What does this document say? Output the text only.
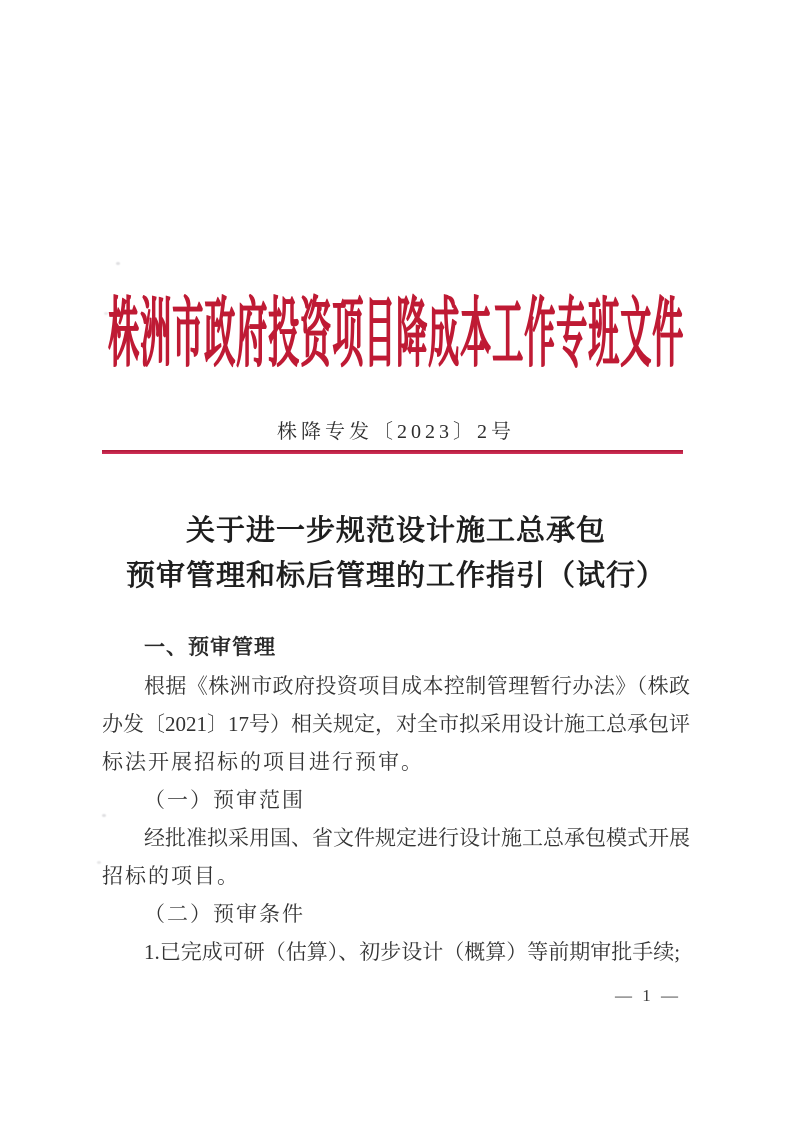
株洲市政府投资项目降成本工作专班文件
株降专发〔2023〕2号
关于进一步规范设计施工总承包
预审管理和标后管理的工作指引（试行）
一、预审管理
根据《株洲市政府投资项目成本控制管理暂行办法》（株政
办发〔2021〕17号）相关规定，对全市拟采用设计施工总承包评
标法开展招标的项目进行预审。
（一）预审范围
经批准拟采用国、省文件规定进行设计施工总承包模式开展
招标的项目。
（二）预审条件
1.已完成可研（估算）、初步设计（概算）等前期审批手续;
— 1 —
